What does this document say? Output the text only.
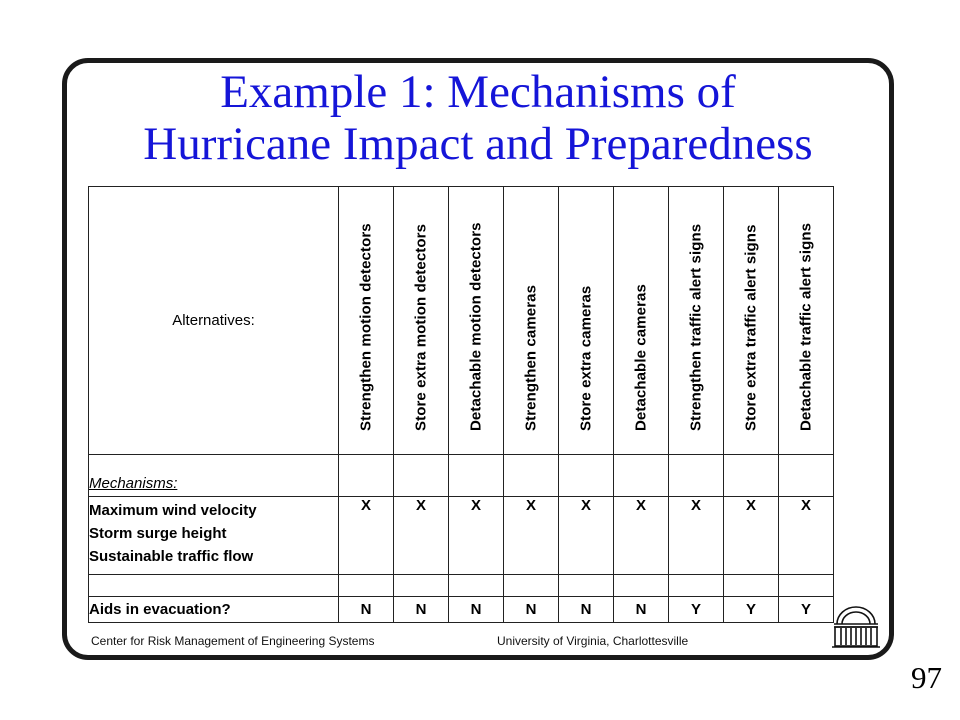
Example 1: Mechanisms of
Hurricane Impact and Preparedness
Alternatives:	Strengthen motion detectors	Store extra motion detectors	Detachable motion detectors	Strengthen cameras	Store extra cameras	Detachable cameras	Strengthen traffic alert signs	Store extra traffic alert signs	Detachable traffic alert signs

Mechanisms:									

Maximum wind velocity
Storm surge height
Sustainable traffic flow	X	X	X	X	X	X	X	X	X

Aids in evacuation?	N	N	N	N	N	N	Y	Y	Y
Center for Risk Management of Engineering Systems	University of Virginia, Charlottesville
97
